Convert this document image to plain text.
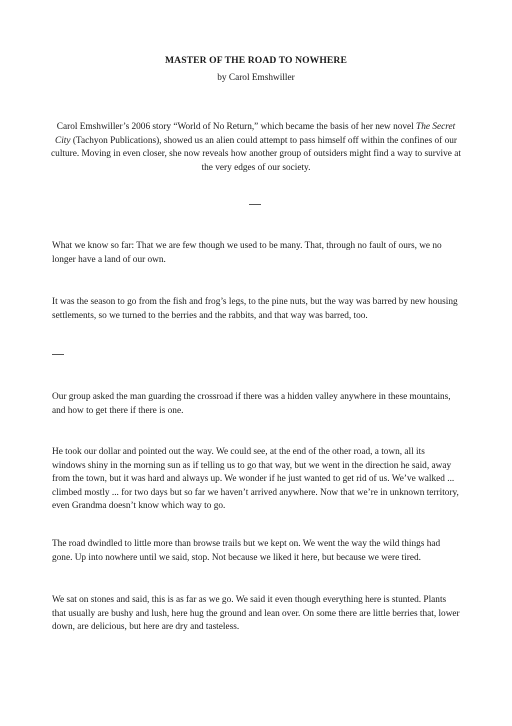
MASTER OF THE ROAD TO NOWHERE
by Carol Emshwiller
Carol Emshwiller’s 2006 story “World of No Return,” which became the basis of her new novel The Secret City (Tachyon Publications), showed us an alien could attempt to pass himself off within the confines of our culture. Moving in even closer, she now reveals how another group of outsiders might find a way to survive at the very edges of our society.

What we know so far: That we are few though we used to be many. That, through no fault of ours, we no longer have a land of our own.

It was the season to go from the fish and frog’s legs, to the pine nuts, but the way was barred by new housing settlements, so we turned to the berries and the rabbits, and that way was barred, too.

Our group asked the man guarding the crossroad if there was a hidden valley anywhere in these mountains, and how to get there if there is one.

He took our dollar and pointed out the way. We could see, at the end of the other road, a town, all its windows shiny in the morning sun as if telling us to go that way, but we went in the direction he said, away from the town, but it was hard and always up. We wonder if he just wanted to get rid of us. We’ve walked ... climbed mostly ... for two days but so far we haven’t arrived anywhere. Now that we’re in unknown territory, even Grandma doesn’t know which way to go.

The road dwindled to little more than browse trails but we kept on. We went the way the wild things had gone. Up into nowhere until we said, stop. Not because we liked it here, but because we were tired.

We sat on stones and said, this is as far as we go. We said it even though everything here is stunted. Plants that usually are bushy and lush, here hug the ground and lean over. On some there are little berries that, lower down, are delicious, but here are dry and tasteless.
